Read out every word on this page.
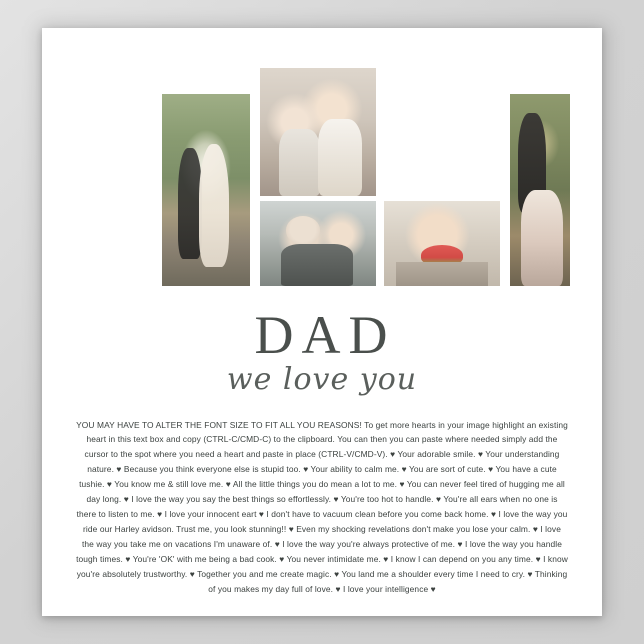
DAD
we love you
YOU MAY HAVE TO ALTER THE FONT SIZE TO FIT ALL YOU REASONS! To get more hearts in your image highlight an existing heart in this text box and copy (CTRL-C/CMD-C) to the clipboard. You can then you can paste where needed simply add the cursor to the spot where you need a heart and paste in place (CTRL-V/CMD-V). ♥ Your adorable smile. ♥ Your understanding nature. ♥ Because you think everyone else is stupid too. ♥ Your ability to calm me. ♥ You are sort of cute. ♥ You have a cute tushie. ♥ You know me & still love me. ♥ All the little things you do mean a lot to me. ♥ You can never feel tired of hugging me all day long. ♥ I love the way you say the best things so effortlessly. ♥ You're too hot to handle. ♥ You're all ears when no one is there to listen to me. ♥ I love your innocent eart ♥ I don't have to vacuum clean before you come back home. ♥ I love the way you ride our Harley avidson. Trust me, you look stunning!! ♥ Even my shocking revelations don't make you lose your calm. ♥ I love the way you take me on vacations I'm unaware of. ♥ I love the way you're always protective of me. ♥ I love the way you handle tough times. ♥ You're 'OK' with me being a bad cook. ♥ You never intimidate me. ♥ I know I can depend on you any time. ♥ I know you're absolutely trustworthy. ♥ Together you and me create magic. ♥ You land me a shoulder every time I need to cry. ♥ Thinking of you makes my day full of love. ♥ I love your intelligence ♥
